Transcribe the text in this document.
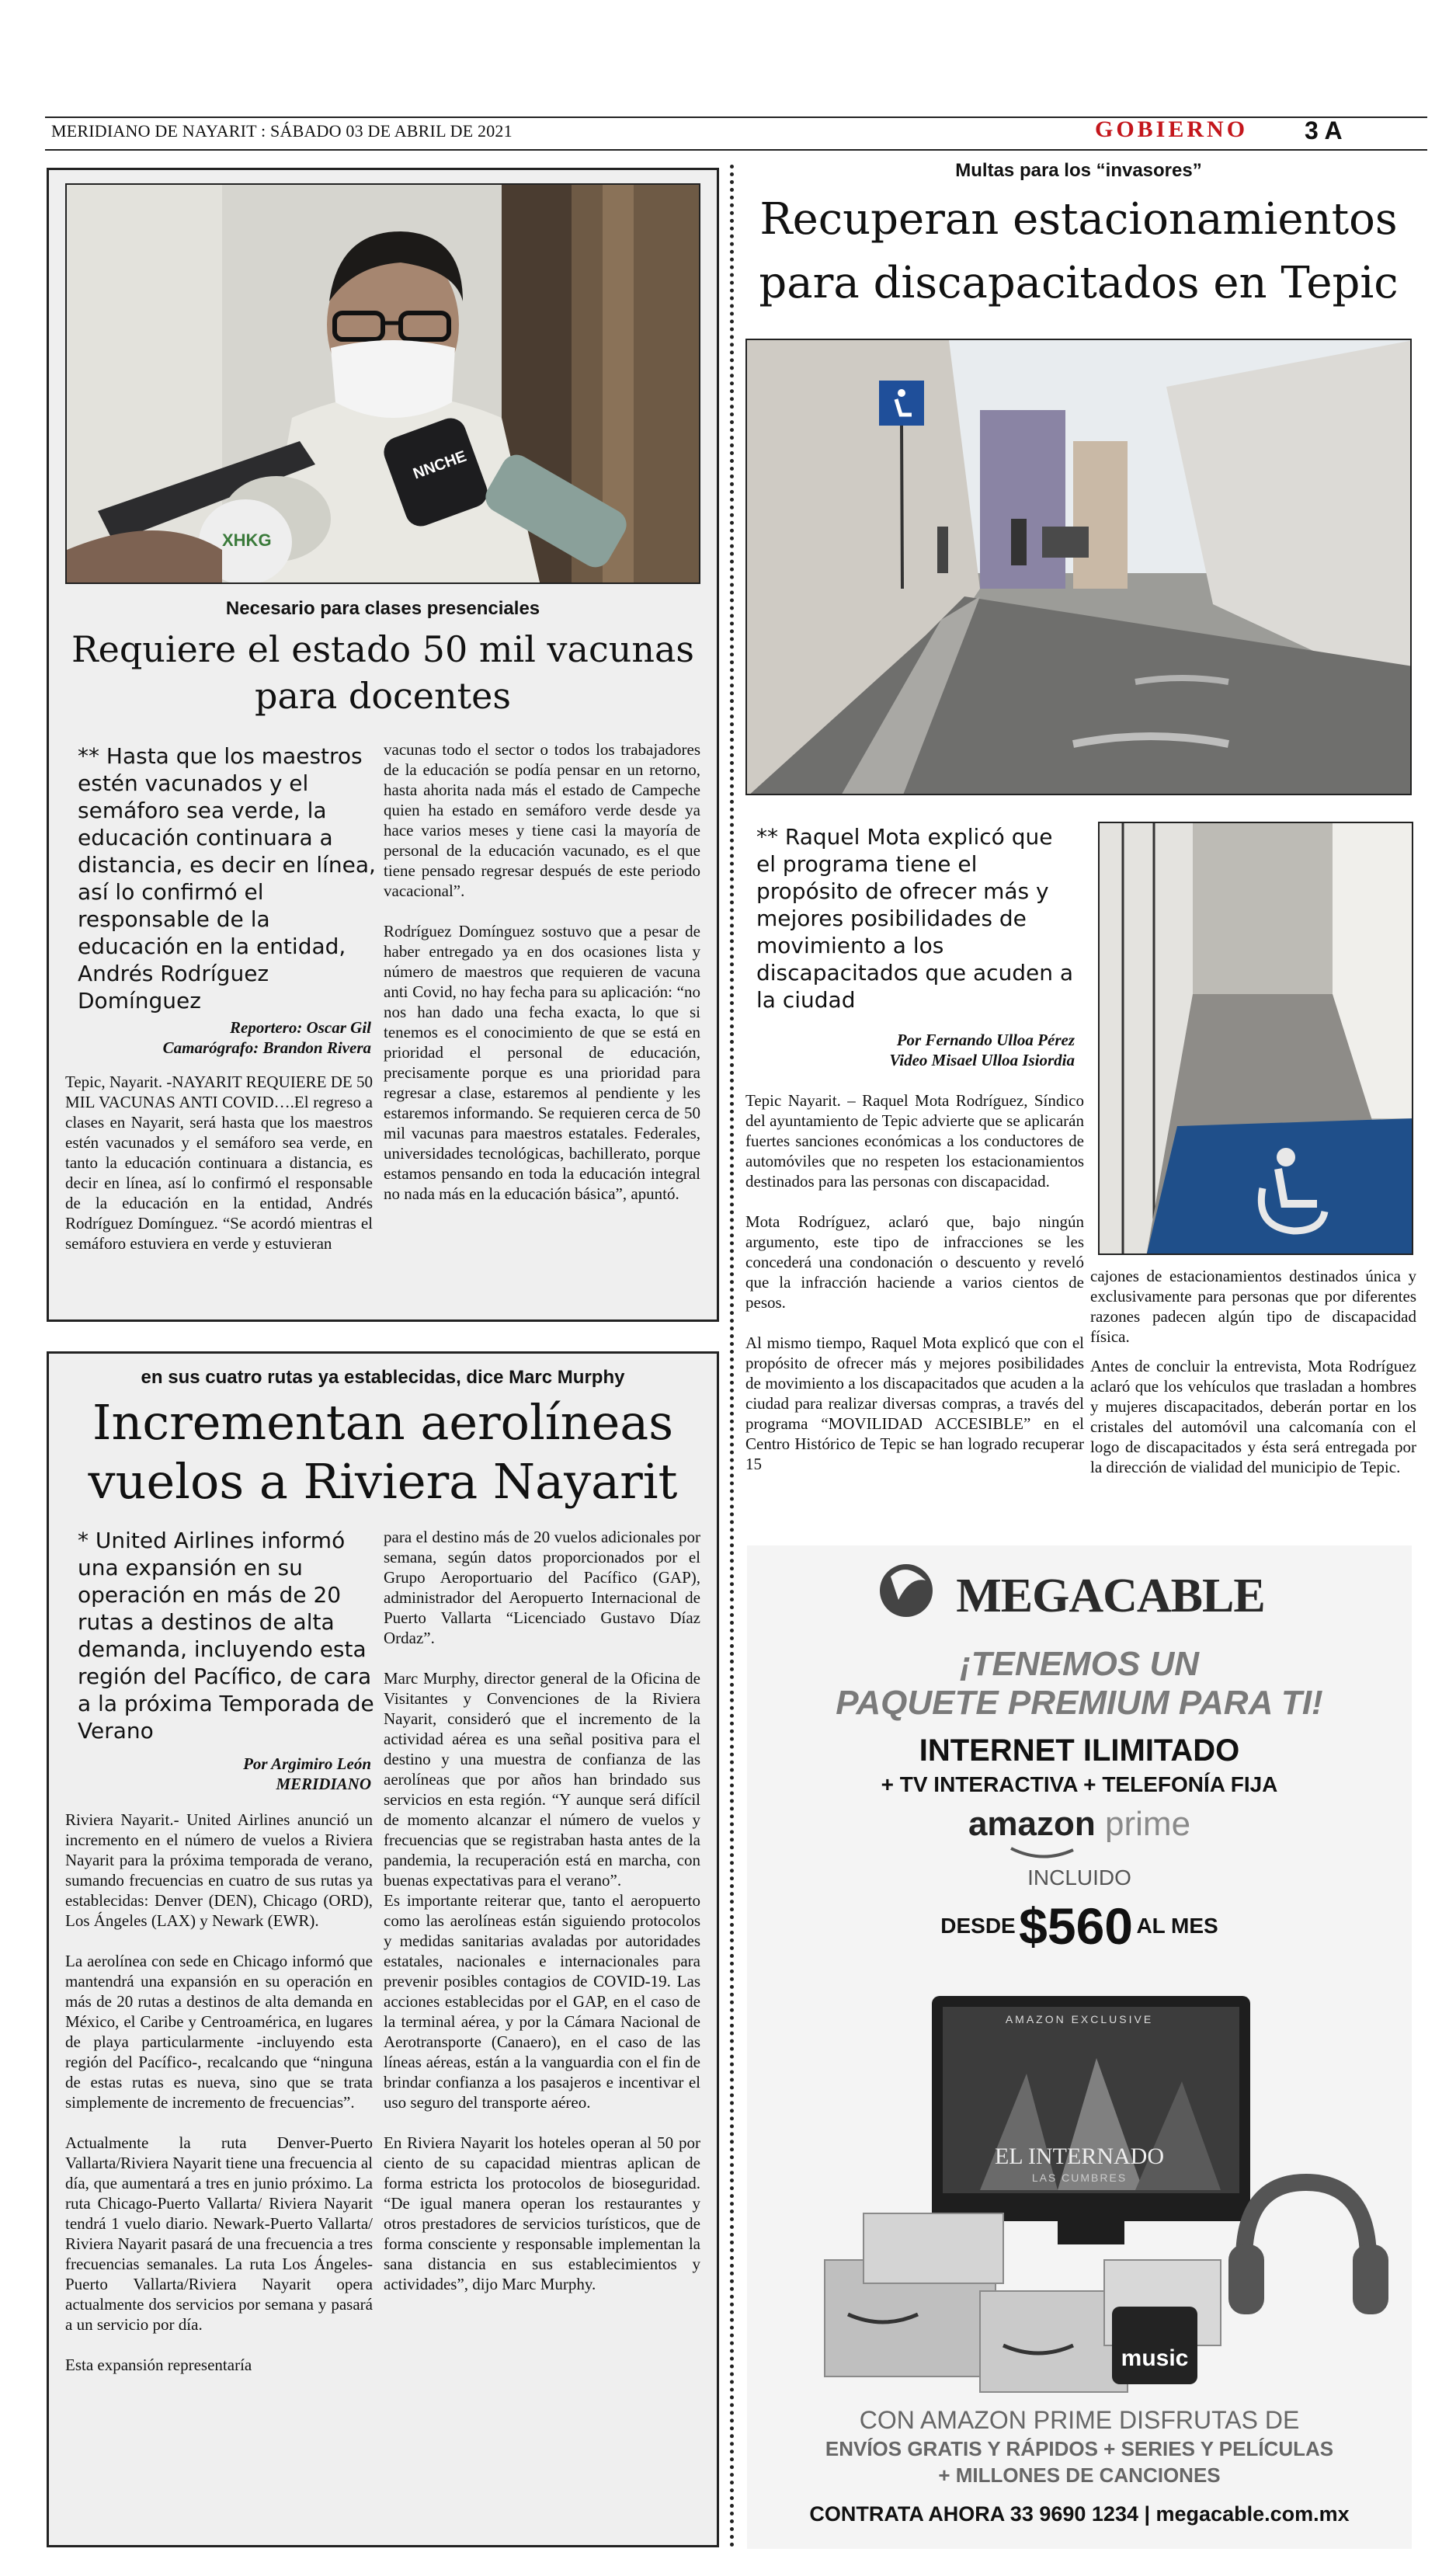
MERIDIANO DE NAYARIT : SÁBADO 03 DE ABRIL DE 2021	GOBIERNO 3 A
NNCHE
XHKG
Necesario para clases presenciales
Requiere el estado 50 mil vacunas para docentes
** Hasta que los maestros estén vacunados y el semáforo sea verde, la educación continuara a distancia, es decir en línea, así lo confirmó el responsable de la educación en la entidad, Andrés Rodríguez Domínguez
Reportero: Oscar Gil
Camarógrafo: Brandon Rivera

Tepic, Nayarit. -NAYARIT REQUIERE DE 50 MIL VACUNAS ANTI COVID….El regreso a clases en Nayarit, será hasta que los maestros estén vacunados y el semáforo sea verde, en tanto la educación continuara a distancia, es decir en línea, así lo confirmó el responsable de la educación en la entidad, Andrés Rodríguez Domínguez. “Se acordó mientras el semáforo estuviera en verde y estuvieran

vacunas todo el sector o todos los trabajadores de la educación se podía pensar en un retorno, hasta ahorita nada más el estado de Campeche quien ha estado en semáforo verde desde ya hace varios meses y tiene casi la mayoría de personal de la educación vacunado, es el que tiene pensado regresar después de este periodo vacacional”.

Rodríguez Domínguez sostuvo que a pesar de haber entregado ya en dos ocasiones lista y número de maestros que requieren de vacuna anti Covid, no hay fecha para su aplicación: “no nos han dado una fecha exacta, lo que si tenemos es el conocimiento de que se está en prioridad el personal de educación, precisamente porque es una prioridad para regresar a clase, estaremos al pendiente y les estaremos informando. Se requieren cerca de 50 mil vacunas para maestros estatales. Federales, universidades tecnológicas, bachillerato, porque estamos pensando en toda la educación integral no nada más en la educación básica”, apuntó.

Multas para los “invasores”
Recuperan estacionamientos para discapacitados en Tepic
** Raquel Mota explicó que el programa tiene el propósito de ofrecer más y mejores posibilidades de movimiento a los discapacitados que acuden a la ciudad
Por Fernando Ulloa Pérez
Video Misael Ulloa Isiordia

Tepic Nayarit. – Raquel Mota Rodríguez, Síndico del ayuntamiento de Tepic advierte que se aplicarán fuertes sanciones económicas a los conductores de automóviles que no respeten los estacionamientos destinados para las personas con discapacidad.

Mota Rodríguez, aclaró que, bajo ningún argumento, este tipo de infracciones se les concederá una condonación o descuento y reveló que la infracción haciende a varios cientos de pesos.

Al mismo tiempo, Raquel Mota explicó que con el propósito de ofrecer más y mejores posibilidades de movimiento a los discapacitados que acuden a la ciudad para realizar diversas compras, a través del programa “MOVILIDAD ACCESIBLE” en el Centro Histórico de Tepic se han logrado recuperar 15

cajones de estacionamientos destinados única y exclusivamente para personas que por diferentes razones padecen algún tipo de discapacidad física.

Antes de concluir la entrevista, Mota Rodríguez aclaró que los vehículos que trasladan a hombres y mujeres discapacitados, deberán portar en los cristales del automóvil una calcomanía con el logo de discapacitados y ésta será entregada por la dirección de vialidad del municipio de Tepic.

en sus cuatro rutas ya establecidas, dice Marc Murphy
Incrementan aerolíneas vuelos a Riviera Nayarit
* United Airlines informó una expansión en su operación en más de 20 rutas a destinos de alta demanda, incluyendo esta región del Pacífico, de cara a la próxima Temporada de Verano
Por Argimiro León
MERIDIANO

Riviera Nayarit.- United Airlines anunció un incremento en el número de vuelos a Riviera Nayarit para la próxima temporada de verano, sumando frecuencias en cuatro de sus rutas ya establecidas: Denver (DEN), Chicago (ORD), Los Ángeles (LAX) y Newark (EWR).

La aerolínea con sede en Chicago informó que mantendrá una expansión en su operación en más de 20 rutas a destinos de alta demanda en México, el Caribe y Centroamérica, en lugares de playa particularmente -incluyendo esta región del Pacífico-, recalcando que “ninguna de estas rutas es nueva, sino que se trata simplemente de incremento de frecuencias”.

Actualmente la ruta Denver-Puerto Vallarta/Riviera Nayarit tiene una frecuencia al día, que aumentará a tres en junio próximo. La ruta Chicago-Puerto Vallarta/ Riviera Nayarit tendrá 1 vuelo diario. Newark-Puerto Vallarta/ Riviera Nayarit pasará de una frecuencia a tres frecuencias semanales. La ruta Los Ángeles-Puerto Vallarta/Riviera Nayarit opera actualmente dos servicios por semana y pasará a un servicio por día.

Esta expansión representaría

para el destino más de 20 vuelos adicionales por semana, según datos proporcionados por el Grupo Aeroportuario del Pacífico (GAP), administrador del Aeropuerto Internacional de Puerto Vallarta “Licenciado Gustavo Díaz Ordaz”.

Marc Murphy, director general de la Oficina de Visitantes y Convenciones de la Riviera Nayarit, consideró que el incremento de la actividad aérea es una señal positiva para el destino y una muestra de confianza de las aerolíneas que por años han brindado sus servicios en esta región. “Y aunque será difícil de momento alcanzar el número de vuelos y frecuencias que se registraban hasta antes de la pandemia, la recuperación está en marcha, con buenas expectativas para el verano”.

Es importante reiterar que, tanto el aeropuerto como las aerolíneas están siguiendo protocolos y medidas sanitarias avaladas por autoridades estatales, nacionales e internacionales para prevenir posibles contagios de COVID-19. Las acciones establecidas por el GAP, en el caso de la terminal aérea, y por la Cámara Nacional de Aerotransporte (Canaero), en el caso de las líneas aéreas, están a la vanguardia con el fin de brindar confianza a los pasajeros e incentivar el uso seguro del transporte aéreo.

En Riviera Nayarit los hoteles operan al 50 por ciento de su capacidad mientras aplican de forma estricta los protocolos de bioseguridad. “De igual manera operan los restaurantes y otros prestadores de servicios turísticos, que de forma consciente y responsable implementan la sana distancia en sus establecimientos y actividades”, dijo Marc Murphy.

MEGACABLE
¡TENEMOS UN
PAQUETE PREMIUM PARA TI!
INTERNET ILIMITADO
+ TV INTERACTIVA + TELEFONÍA FIJA
amazon prime
INCLUIDO
DESDE $560 AL MES
AMAZON EXCLUSIVE
EL INTERNADO
LAS CUMBRES
music
CON AMAZON PRIME DISFRUTAS DE
ENVÍOS GRATIS Y RÁPIDOS + SERIES Y PELÍCULAS
+ MILLONES DE CANCIONES
CONTRATA AHORA 33 9690 1234 | megacable.com.mx
